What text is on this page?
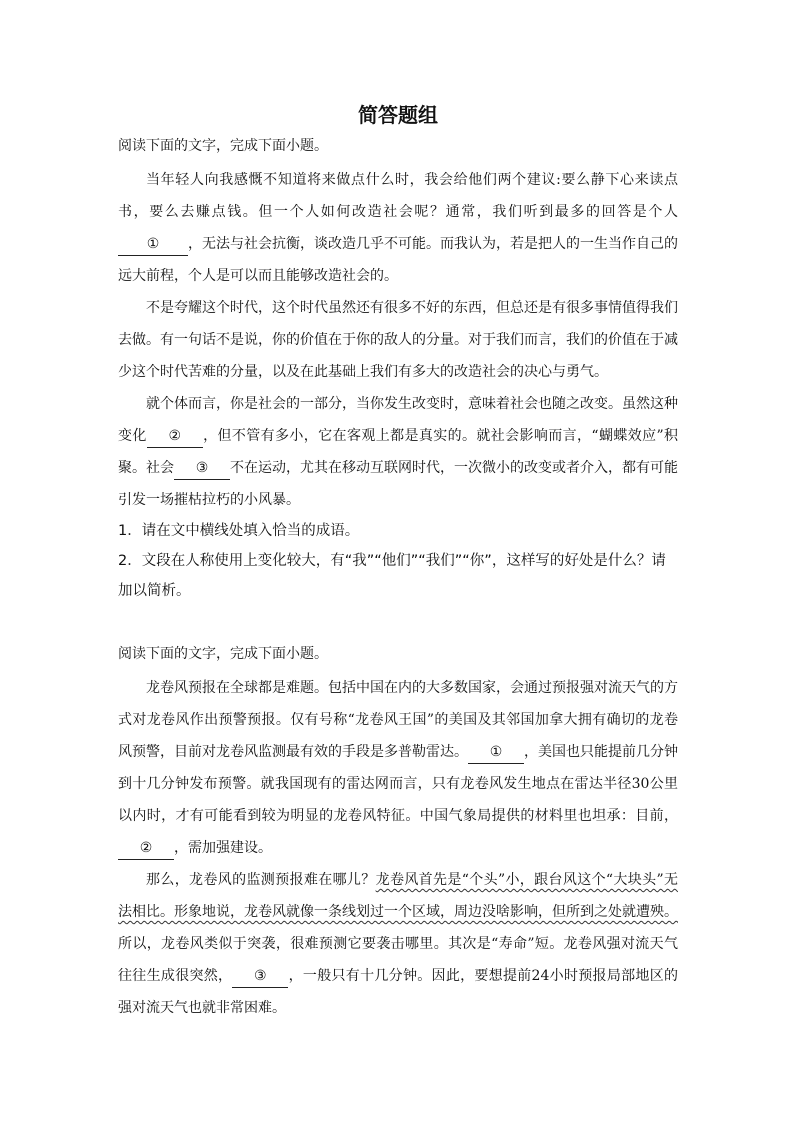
简答题组

阅读下面的文字，完成下面小题。

当年轻人向我感慨不知道将来做点什么时，我会给他们两个建议:要么静下心来读点书，要么去赚点钱。但一个人如何改造社会呢？通常，我们听到最多的回答是个人① ，无法与社会抗衡，谈改造几乎不可能。而我认为，若是把人的一生当作自己的远大前程，个人是可以而且能够改造社会的。

不是夸耀这个时代，这个时代虽然还有很多不好的东西，但总还是有很多事情值得我们去做。有一句话不是说，你的价值在于你的敌人的分量。对于我们而言，我们的价值在于减少这个时代苦难的分量，以及在此基础上我们有多大的改造社会的决心与勇气。

就个体而言，你是社会的一部分，当你发生改变时，意味着社会也随之改变。虽然这种变化 ② ，但不管有多小，它在客观上都是真实的。就社会影响而言，“蝴蝶效应”积聚。社会 ③ 不在运动，尤其在移动互联网时代，一次微小的改变或者介入，都有可能引发一场摧枯拉朽的小风暴。

1．请在文中横线处填入恰当的成语。

2．文段在人称使用上变化较大，有“我”“他们”“我们”“你”，这样写的好处是什么？请加以简析。

阅读下面的文字，完成下面小题。

龙卷风预报在全球都是难题。包括中国在内的大多数国家，会通过预报强对流天气的方式对龙卷风作出预警预报。仅有号称“龙卷风王国”的美国及其邻国加拿大拥有确切的龙卷风预警，目前对龙卷风监测最有效的手段是多普勒雷达。 ① ，美国也只能提前几分钟到十几分钟发布预警。就我国现有的雷达网而言，只有龙卷风发生地点在雷达半径30公里以内时，才有可能看到较为明显的龙卷风特征。中国气象局提供的材料里也坦承：目前，② ，需加强建设。

那么，龙卷风的监测预报难在哪儿？龙卷风首先是“个头”小，跟台风这个“大块头”无法相比。形象地说，龙卷风就像一条线划过一个区域，周边没啥影响，但所到之处就遭殃。所以，龙卷风类似于突袭，很难预测它要袭击哪里。其次是“寿命”短。龙卷风强对流天气往往生成很突然， ③ ，一般只有十几分钟。因此，要想提前24小时预报局部地区的强对流天气也就非常困难。
